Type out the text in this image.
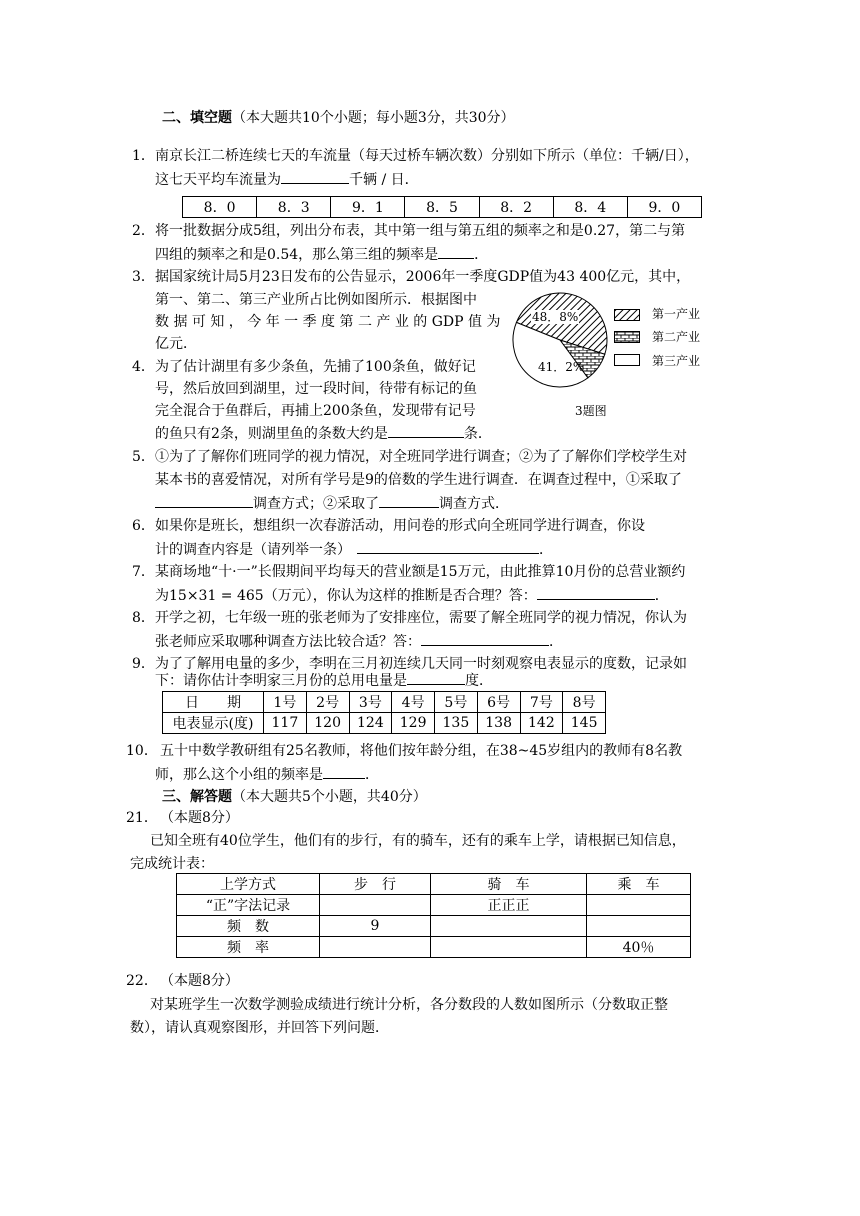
二、填空题（本大题共10个小题；每小题3分，共30分）
1． 南京长江二桥连续七天的车流量（每天过桥车辆次数）分别如下所示（单位：千辆/日），
这七天平均车流量为	千辆 / 日．
8．0	8．3	9．1	8．5	8．2	8．4	9．0
2． 将一批数据分成5组，列出分布表，其中第一组与第五组的频率之和是0.27，第二与第
四组的频率之和是0.54，那么第三组的频率是	．
3． 据国家统计局5月23日发布的公告显示，2006年一季度GDP值为43 400亿元，其中，
第一、第二、第三产业所占比例如图所示．根据图中
数 据 可 知 ， 今 年 一 季 度 第 二 产 业 的 GDP 值 为
亿元．
48．8%
41．2%
第一产业
第二产业
第三产业
3题图
4． 为了估计湖里有多少条鱼，先捕了100条鱼，做好记
号，然后放回到湖里，过一段时间，待带有标记的鱼
完全混合于鱼群后，再捕上200条鱼，发现带有记号
的鱼只有2条，则湖里鱼的条数大约是	条．
5． ①为了了解你们班同学的视力情况，对全班同学进行调查；②为了了解你们学校学生对
某本书的喜爱情况，对所有学号是9的倍数的学生进行调查．在调查过程中，①采取了
调查方式；②采取了	调查方式．
6． 如果你是班长，想组织一次春游活动，用问卷的形式向全班同学进行调查，你设
计的调查内容是（请列举一条）	．
7． 某商场地“十·一”长假期间平均每天的营业额是15万元，由此推算10月份的总营业额约
为15×31 = 465（万元），你认为这样的推断是否合理？答：	．
8． 开学之初，七年级一班的张老师为了安排座位，需要了解全班同学的视力情况，你认为
张老师应采取哪种调查方法比较合适？答：	．
9． 为了了解用电量的多少，李明在三月初连续几天同一时刻观察电表显示的度数，记录如
下：请你估计李明家三月份的总用电量是	度．
日　　期	1号	2号	3号	4号	5号	6号	7号	8号
电表显示(度)	117	120	124	129	135	138	142	145
10． 五十中数学教研组有25名教师，将他们按年龄分组，在38~45岁组内的教师有8名教
师，那么这个小组的频率是	．
三、解答题（本大题共5个小题，共40分）
21． （本题8分）
已知全班有40位学生，他们有的步行，有的骑车，还有的乘车上学，请根据已知信息，
完成统计表：
上学方式	步　行	骑　车	乘　车
“正”字法记录		正正正	
频　数	9		
频　率			40％
22． （本题8分）
对某班学生一次数学测验成绩进行统计分析，各分数段的人数如图所示（分数取正整
数），请认真观察图形，并回答下列问题．
